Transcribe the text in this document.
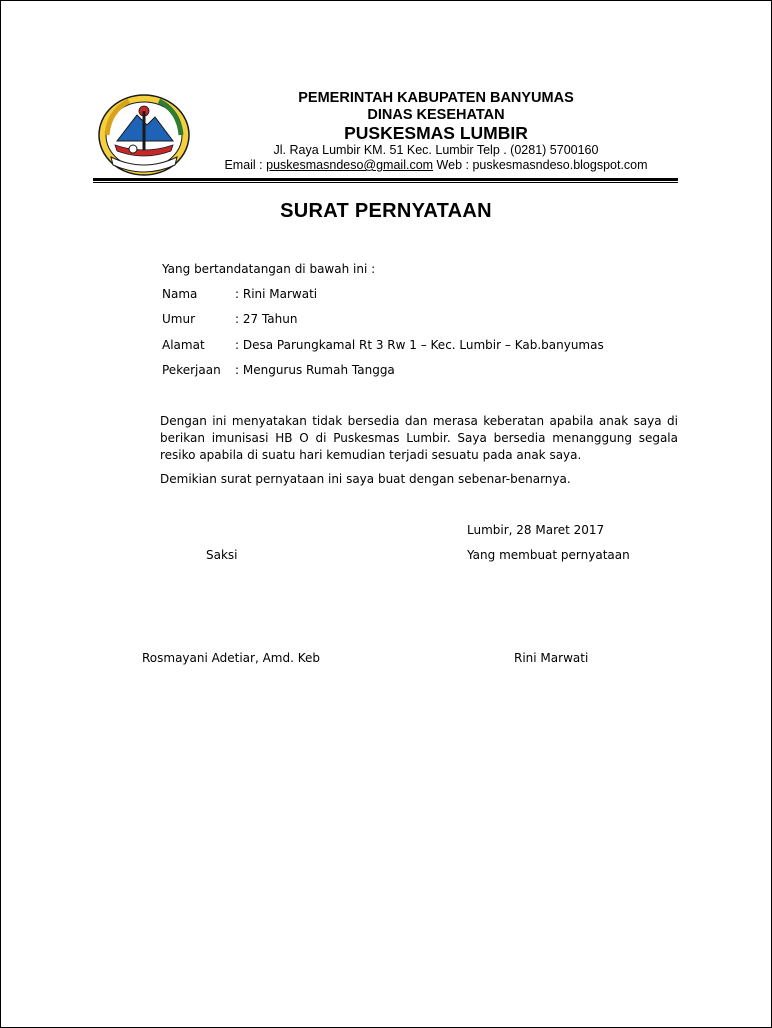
PEMERINTAH KABUPATEN BANYUMAS
DINAS KESEHATAN
PUSKESMAS LUMBIR
Jl. Raya Lumbir KM. 51 Kec. Lumbir Telp . (0281) 5700160
Email : puskesmasndeso@gmail.com Web : puskesmasndeso.blogspot.com
SURAT PERNYATAAN
Yang bertandatangan di bawah ini :
Nama	: Rini Marwati
Umur	: 27 Tahun
Alamat	: Desa Parungkamal Rt 3 Rw 1 – Kec. Lumbir – Kab.banyumas
Pekerjaan	: Mengurus Rumah Tangga
Dengan ini menyatakan tidak bersedia dan merasa keberatan apabila anak saya di berikan imunisasi HB O di Puskesmas Lumbir. Saya bersedia menanggung segala resiko apabila di suatu hari kemudian terjadi sesuatu pada anak saya.
Demikian surat pernyataan ini saya buat dengan sebenar-benarnya.
Lumbir, 28 Maret 2017
Saksi	Yang membuat pernyataan
Rosmayani Adetiar, Amd. Keb	Rini Marwati
